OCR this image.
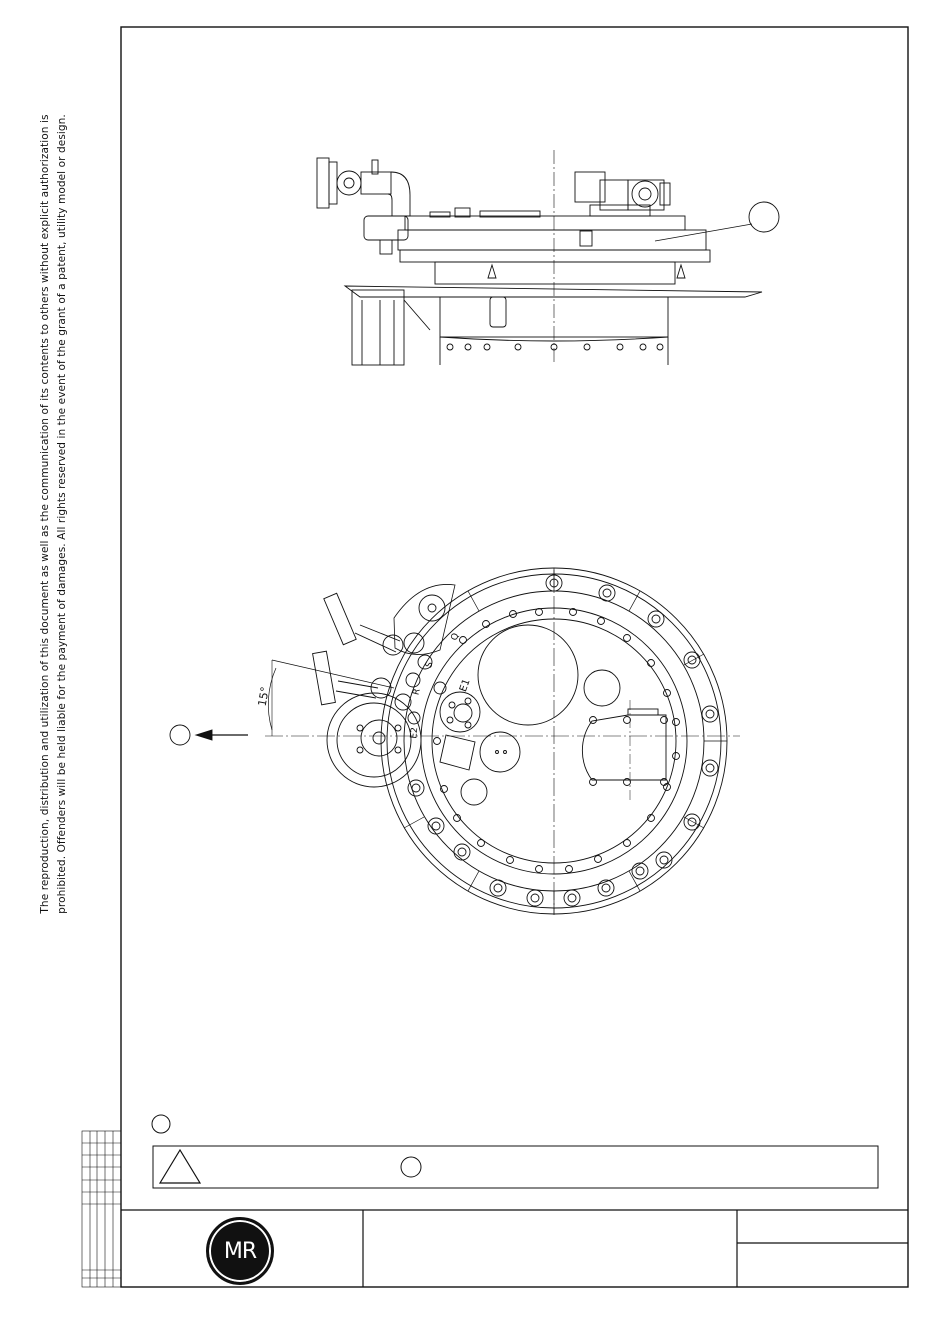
The reproduction, distribution and utilization of this document as well as the communication of its contents to others without explicit authorization is prohibited. Offenders will be held liable for the payment of damages. All rights reserved in the event of the grant of a patent, utility model or design.	15°
Q
S
R
E2
E1
MR
